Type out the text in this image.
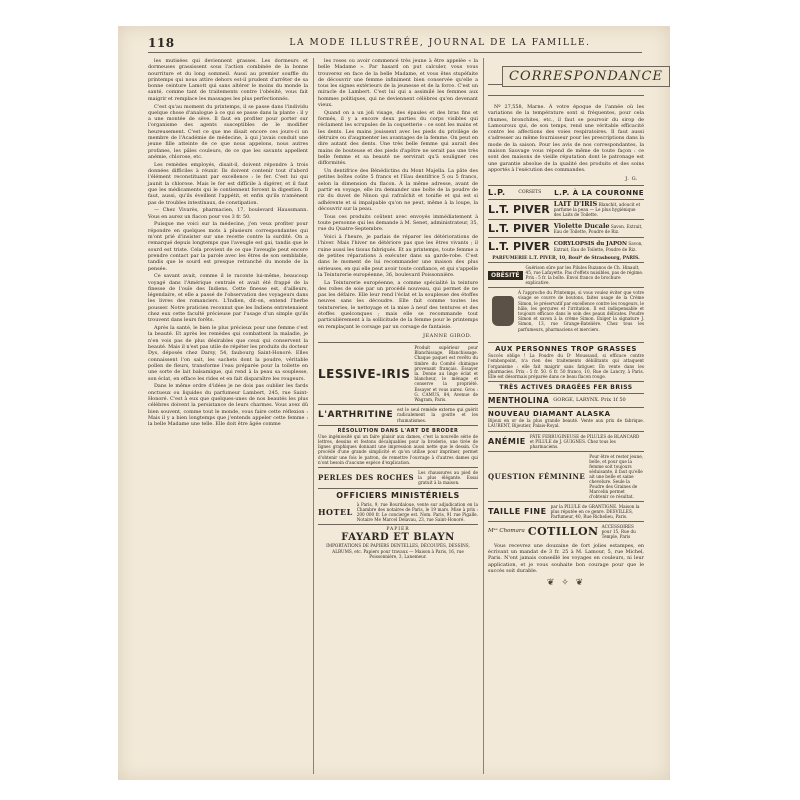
118	LA MODE ILLUSTRÉE, JOURNAL DE LA FAMILLE.

les mutisées qui deviennent grasses. Les dormeurs et dormeuses grassissent sous l'action combinée de la bonne nourriture et du long sommeil. Aussi au premier souffle du printemps qui nous attire dehors est-il prudent d'arrêter de sa bonne ceinture Lamott qui sans altérer le moins du monde la santé, comme tant de traitements contre l'obésité, vous fait maigrir et remplace les massages les plus perfectionnés.

C'est qu'au moment du printemps, il se passe dans l'individu quelque chose d'analogue à ce qui se passe dans la plante : il y a une montée de sève. Il faut en profiter pour porter sur l'organisme des agents susceptibles de le modifier heureusement. C'est ce que me disait encore ces jours-ci un membre de l'Académie de médecine, à qui j'avais conduit une jeune fille atteinte de ce que nous appelons, nous autres profanes, les pâles couleurs, de ce que les savants appellent anémie, chlorose, etc.

Les remèdes employés, disait-il, doivent répondre à trois données difficiles à réunir. Ils doivent contenir tout d'abord l'élément reconstituant par excellence : le fer. C'est lui qui jaunit la chlorose. Mais le fer est difficile à digérer, et il faut que les médicaments qui le contiennent forcent la digestion. Il faut, aussi, qu'ils éveillent l'appétit, et enfin qu'ils n'amènent pas de troubles intestinaux, de constipation.

— Chez Vivarès, pharmacien, 17, boulevard Haussmann. Vous en aurez un flacon pour vos 3 fr. 50.

Puisque me voici sur la médecine, j'en veux profiter pour répondre en quelques mots à plusieurs correspondantes qui m'ont prié d'insister sur une recette contre la surdité. On a remarqué depuis longtemps que l'aveugle est gai, tandis que le sourd est triste. Cela provient de ce que l'aveugle peut encore prendre contact par la parole avec les êtres de son semblable, tandis que le sourd est presque retranché du monde de la pensée.

Ce savant avait, comme il le raconte lui-même, beaucoup voyagé dans l'Amérique centrale et avait été frappé de la finesse de l'ouïe des Indiens. Cette finesse est, d'ailleurs, légendaire, et elle a passé de l'observation des voyageurs dans les livres des romanciers. L'Indien, dit-on, entend l'herbe pousser. Notre praticien reconnut que les Indiens entretenaient chez eux cette faculté précieuse par l'usage d'un simple qu'ils trouvent dans leurs forêts.

Après la santé, le bien le plus précieux pour une femme c'est la beauté. Et après les remèdes qui combattent la maladie, je n'en vois pas de plus désirables que ceux qui conservent la beauté. Mais il n'est pas utile de répéter les produits du docteur Dys, déposés chez Darsy, 54, faubourg Saint-Honoré. Elles connaissent l'on sait, les sachets dont la poudre, véritable pollen de fleurs, transforme l'eau préparée pour la toilette en une sorte de lait balsamique, qui rend à la peau sa souplesse, son éclat, en efface les rides et en fait disparaître les rougeurs.

Dans le même ordre d'idées je ne dois pas oublier les fards onctueux ou liquides du parfumeur Lambert, 245, rue Saint-Honoré. C'est à eux que quelques-unes de nos beautés les plus célèbres doivent la persistance de leurs charmes. Vous avez dû bien souvent, comme tout le monde, vous faire cette réflexion : Mais il y a bien longtemps que j'entends appeler cette femme : la belle Madame une telle. Elle doit être âgée comme

les roses ou avoir commencé très jeune à être appelée « la belle Madame ». Par hasard on put calculer, vous vous trouverez en face de la belle Madame, et vous êtes stupéfaite de découvrir une femme infiniment bien conservée qu'elle a tous les signes extérieurs de la jeunesse et de la force. C'est un miracle de Lambert. C'est lui qui a assimilé les femmes aux hommes politiques, qui ne deviennent célèbres qu'en devenant vieux.

Quand on a un joli visage, des épaules et des bras fins et formés, il y a encore deux parties du corps visibles qui réclament les scrupules de la coquetterie : ce sont les mains et les dents. Les mains jouissent avec les pieds du privilège de détruire ou d'augmenter les avantages de la femme. On peut en dire autant des dents. Une très belle femme qui aurait des mains de bouteuse et des pieds d'apôtre ne serait pas une très belle femme et sa beauté ne servirait qu'à souligner ces difformités.

Un dentifrice des Bénédictins du Mont Majella. La pâte des petites boîtes coûte 5 francs et l'Eau dentifrice 5 ou 5 francs, selon la dimension du flacon. À la même adresse, avant de partir en voyage, elle ira demander une boîte de la poudre de riz du duvet de Ninon qui rafraîchit et tonifie et qui est si adhérente et si impalpable qu'on ne peut, même à la loupe, la découvrir sur la peau.

Tous ces produits coûtent avec envoyés immédiatement à toute personne qui les demande à M. Senet, administrateur, 35, rue du Quatre-Septembre.

Voici à l'heure, je parlais de réparer les détériorations de l'hiver. Mais l'hiver ne détériore pas que les êtres vivants ; il ruine aussi les tissus fabriqués. Et au printemps, toute femme a de petites réparations à exécuter dans sa garde-robe. C'est dans le moment de lui recommander une maison des plus sérieuses, en qui elle peut avoir toute confiance, et qui s'appelle la Teinturerie européenne, 36, boulevard Poissonnière.

La Teinturerie européenne, a comme spécialité la teinture des robes de soie par un procédé nouveau, qui permet de ne pas les défaire. Elle leur rend l'éclat et la souplesse des étoffes neuves sans les découdre. Elle fait comme toutes les teintureries, le nettoyage et la mise à neuf des tentures et des étoffes quelconques ; mais elle se recommande tout particulièrement à la sollicitude de la femme pour le printemps en remplaçant le corsage par un corsage de fantaisie.

JEANNE GIROD.
LESSIVE-IRIS
Produit supérieur pour Blanchissage, Blanchissage. Chaque paquet est revêtu du timbre du Comité chimique provenant français. Essayer la. Donne au linge éclat et blancheur, le ménage et conserve la propriété. Essayer et vous aurez. Gros : G. CAMUS, 84, Avenue de Wagram, Paris.
L'ARTHRITINE
est le seul remède externe qui guérit radicalement la goutte et les rhumatismes.
RÉSOLUTION DANS L'ART DE BRODER
Une ingéniosité qui un faire plaisir aux dames, c'est la nouvelle série de lettres, dessins et festons décalquables pour la broderie, une tirée de lignes graphiques donnant une impression aussi nette que le dessin. Ce procédé d'une grande simplicité et qu'on utilise pour imprimer, permet d'obtenir une fois le patron, de remettre l'ouvrage à d'autres dames qui n'ont besoin d'aucune espèce d'explication.
PERLES DES ROCHES
Les chaussures au pied de la plus élégante. Essai gratuit à la maison.
OFFICIERS MINISTÉRIELS
HOTEL
à Paris, 9, rue Bourdaloue, vente sur adjudication en la Chambre des notaires de Paris, le 19 mars. Mise à prix : 200 000 fr. Le concierge est. Nom. Paris, 91 rue Pigalle. Notaire Me Marcel Delavau, 23, rue Saint-Honoré.
PAPIER
FAYARD ET BLAYN
IMPORTATIONS DE PAPIERS DENTELLES, DÉCOUPÉS, DESSINS, ALBUMS, etc. Papiers pour travaux — Maison à Paris, 16, rue Poissonnière, 3, Lanemeur.
CORRESPONDANCE

Nº 27,558, Marne. À votre époque de l'année où les variations de la température sont si fréquentes, pour cela rhumes, bronchites, etc., il faut se pourvoir du sirop de Lamouroux qui, de son temps, rend une véritable efficacité contre les affections des voies respiratoires. Il faut aussi s'adresser au même fournisseur pour les prescriptions dans la mode de la saison. Pour les avis de nos correspondantes, la maison Sauvage vous répond de même de toute façon : ce sont des maisons de vieille réputation dont le patronage est une garantie absolue de la qualité des produits et des soins apportés à l'exécution des commandes.

J. G.
L.P.	CORSETS L.P. À LA COURONNE
L.T. PIVER LAIT D'IRIS Blanchit, adoucit et parfume la peau — Le plus hygiénique des Laits de Toilette.
L.T. PIVER Violette Ducale Savon. Extrait, Eau de Toilette, Poudre de Riz.
L.T. PIVER CORYLOPSIS du JAPON Savon, Extrait, Eau de Toilette, Poudre de Riz.
PARFUMERIE L.T. PIVER, 10, Boulᵈ de Strasbourg, PARIS.
OBÉSITÉ
Guérison sûre par les Pilules Ruzanos de Ch. Hinault, 45, rue Lafayette. Pas d'effets nuisibles, pas de régime. Prix : 5 fr. la boîte. Envoi franco de brochure explicative.
À l'approche du Printemps, si vous voulez éviter que votre visage se couvre de boutons, faites usage de la Crème Simon, le préservatif par excellence contre les rougeurs, le hâle, les gerçures et l'irritation. Il est indispensable et toujours efficace dans le soin des peaux délicates. Poudre Simon et savon à la crème Simon. Exiger la signature J. Simon, 13, rue Grange-Batelière. Chez tous les parfumeurs, pharmaciens et merciers.
AUX PERSONNES TROP GRASSES
Succès oblige ! La Poudre du Dʳ Moussaud, si efficace contre l'embonpoint, n'a rien des traitements débilitants qui attaquent l'organisme : elle fait maigrir sans fatiguer. En vente dans les pharmacies. Prix : 5 fr. 50. 6 fr. 50 franco, 10, Rue de Lancry, à Paris. Elle est désormais préparée dans ce beau flacon rouge.
TRÈS ACTIVES DRAGÉES FER BRISS
MENTHOLINA GORGE, LARYNX. Prix 1f 50
NOUVEAU DIAMANT ALASKA
Bijoux en or de la plus grande beauté. Vente aux prix de fabrique. LAURENT, Bijoutier, Palais-Royal.
ANÉMIE
PÂTE FERRUGINEUSE de PILULES de BLANCARD et PILULE de J. GUIGNES. Chez tous les pharmaciens.
QUESTION FÉMININE
Pour être et rester jeune, belle, et pour que la femme soit toujours séduisante, il faut qu'elle ait une belle et saine chevelure. Seule la Poudre des Graines de Marcelin permet d'obtenir ce résultat.
TAILLE FINE
par la PILULE de GRANTIGNE. Maison la plus réputée en ce genre. DESVILLES, Parfumeur, 40, Rue Richelieu, Paris.
Mˢᵉ Chomara COTILLON ACCESSOIRES pour 15, Rue du Temple, Paris

Vous recevrez une douzaine de fort jolies estampes, en écrivant un mandat de 3 fr. 25 à M. Lamour, 5, rue Michel, Paris. N'ont jamais conseillé les voyages en couleurs, ni leur application, et je vous souhaite bon courage pour que le succès soit durable.

❦ ✧ ❦
